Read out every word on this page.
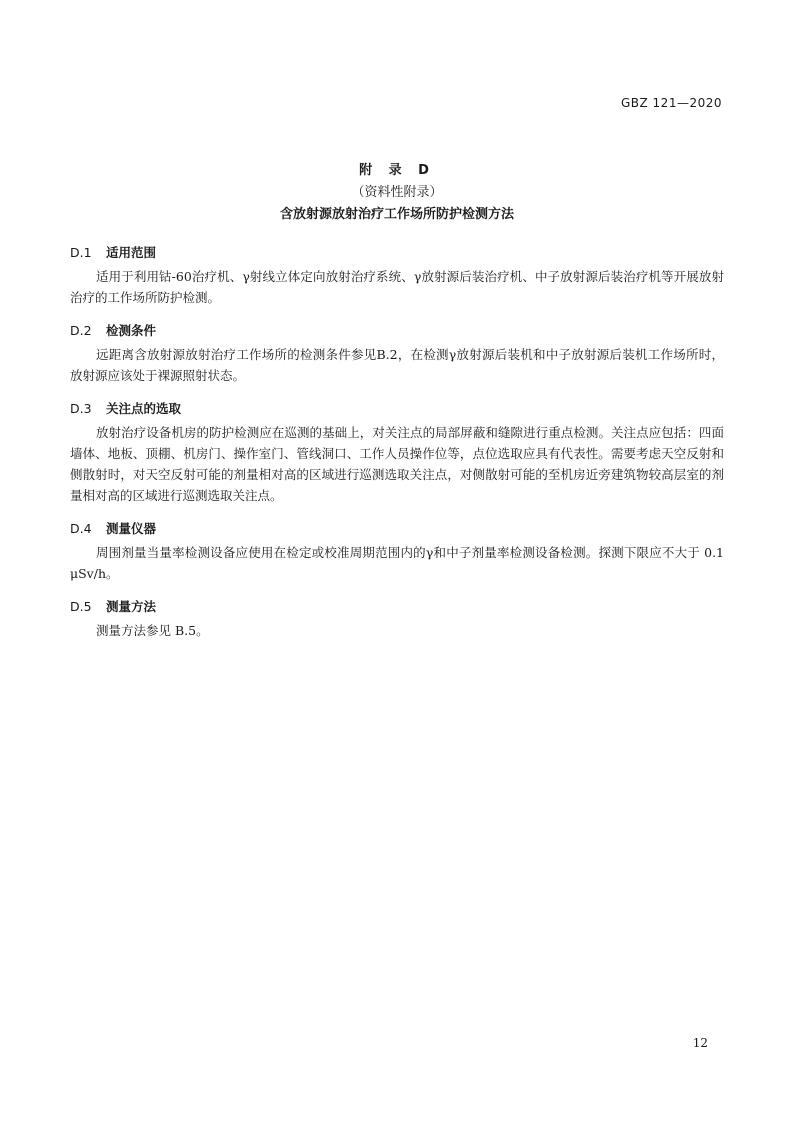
GBZ 121—2020
附 录 D
（资料性附录）
含放射源放射治疗工作场所防护检测方法
D.1 适用范围

适用于利用钴-60治疗机、γ射线立体定向放射治疗系统、γ放射源后装治疗机、中子放射源后装治疗机等开展放射治疗的工作场所防护检测。

D.2 检测条件

远距离含放射源放射治疗工作场所的检测条件参见B.2，在检测γ放射源后装机和中子放射源后装机工作场所时，放射源应该处于裸源照射状态。

D.3 关注点的选取

放射治疗设备机房的防护检测应在巡测的基础上，对关注点的局部屏蔽和缝隙进行重点检测。关注点应包括：四面墙体、地板、顶棚、机房门、操作室门、管线洞口、工作人员操作位等，点位选取应具有代表性。需要考虑天空反射和侧散射时，对天空反射可能的剂量相对高的区域进行巡测选取关注点，对侧散射可能的至机房近旁建筑物较高层室的剂量相对高的区域进行巡测选取关注点。

D.4 测量仪器

周围剂量当量率检测设备应使用在检定或校准周期范围内的γ和中子剂量率检测设备检测。探测下限应不大于 0.1 μSv/h。

D.5 测量方法

测量方法参见 B.5。

12
